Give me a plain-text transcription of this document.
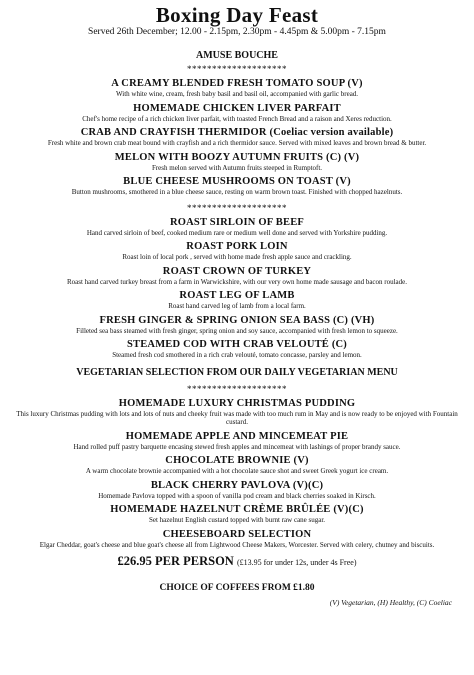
Boxing Day Feast
Served 26th December; 12.00 - 2.15pm, 2.30pm - 4.45pm & 5.00pm - 7.15pm
AMUSE BOUCHE
********************
A CREAMY BLENDED FRESH TOMATO SOUP (V)
With white wine, cream, fresh baby basil and basil oil, accompanied with garlic bread.
HOMEMADE CHICKEN LIVER PARFAIT
Chef's home recipe of a rich chicken liver parfait, with toasted French Bread and a raison and Xeres reduction.
CRAB AND CRAYFISH THERMIDOR (Coeliac version available)
Fresh white and brown crab meat bound with crayfish and a rich thermidor sauce. Served with mixed leaves and brown bread & butter.
MELON WITH BOOZY AUTUMN FRUITS (C) (V)
Fresh melon served with Autumn fruits steeped in Rumptoft.
BLUE CHEESE MUSHROOMS ON TOAST (V)
Button mushrooms, smothered in a blue cheese sauce, resting on warm brown toast. Finished with chopped hazelnuts.
********************
ROAST SIRLOIN OF BEEF
Hand carved sirloin of beef, cooked medium rare or medium well done and served with Yorkshire pudding.
ROAST PORK LOIN
Roast loin of local pork , served with home made fresh apple sauce and crackling.
ROAST CROWN OF TURKEY
Roast hand carved turkey breast from a farm in Warwickshire, with our very own home made sausage and bacon roulade.
ROAST LEG OF LAMB
Roast hand carved leg of lamb from a local farm.
FRESH GINGER & SPRING ONION SEA BASS (C) (VH)
Filleted sea bass steamed with fresh ginger, spring onion and soy sauce, accompanied with fresh lemon to squeeze.
STEAMED COD WITH CRAB VELOUTÉ (C)
Steamed fresh cod smothered in a rich crab velouté, tomato concasse, parsley and lemon.
VEGETARIAN SELECTION FROM OUR DAILY VEGETARIAN MENU
********************
HOMEMADE LUXURY CHRISTMAS PUDDING
This luxury Christmas pudding with lots and lots of nuts and cheeky fruit was made with too much rum in May and is now ready to be enjoyed with Fountain custard.
HOMEMADE APPLE AND MINCEMEAT PIE
Hand rolled puff pastry barquette encasing stewed fresh apples and mincemeat with lashings of proper brandy sauce.
CHOCOLATE BROWNIE (V)
A warm chocolate brownie accompanied with a hot chocolate sauce shot and sweet Greek yogurt ice cream.
BLACK CHERRY PAVLOVA (V)(C)
Homemade Pavlova topped with a spoon of vanilla pod cream and black cherries soaked in Kirsch.
HOMEMADE HAZELNUT CRÈME BRÛLÉE (V)(C)
Set hazelnut English custard topped with burnt raw cane sugar.
CHEESEBOARD SELECTION
Elgar Cheddar, goat's cheese and blue goat's cheese all from Lightwood Cheese Makers, Worcester. Served with celery, chutney and biscuits.
£26.95 PER PERSON (£13.95 for under 12s, under 4s Free)
CHOICE OF COFFEES FROM £1.80
(V) Vegetarian, (H) Healthy, (C) Coeliac
